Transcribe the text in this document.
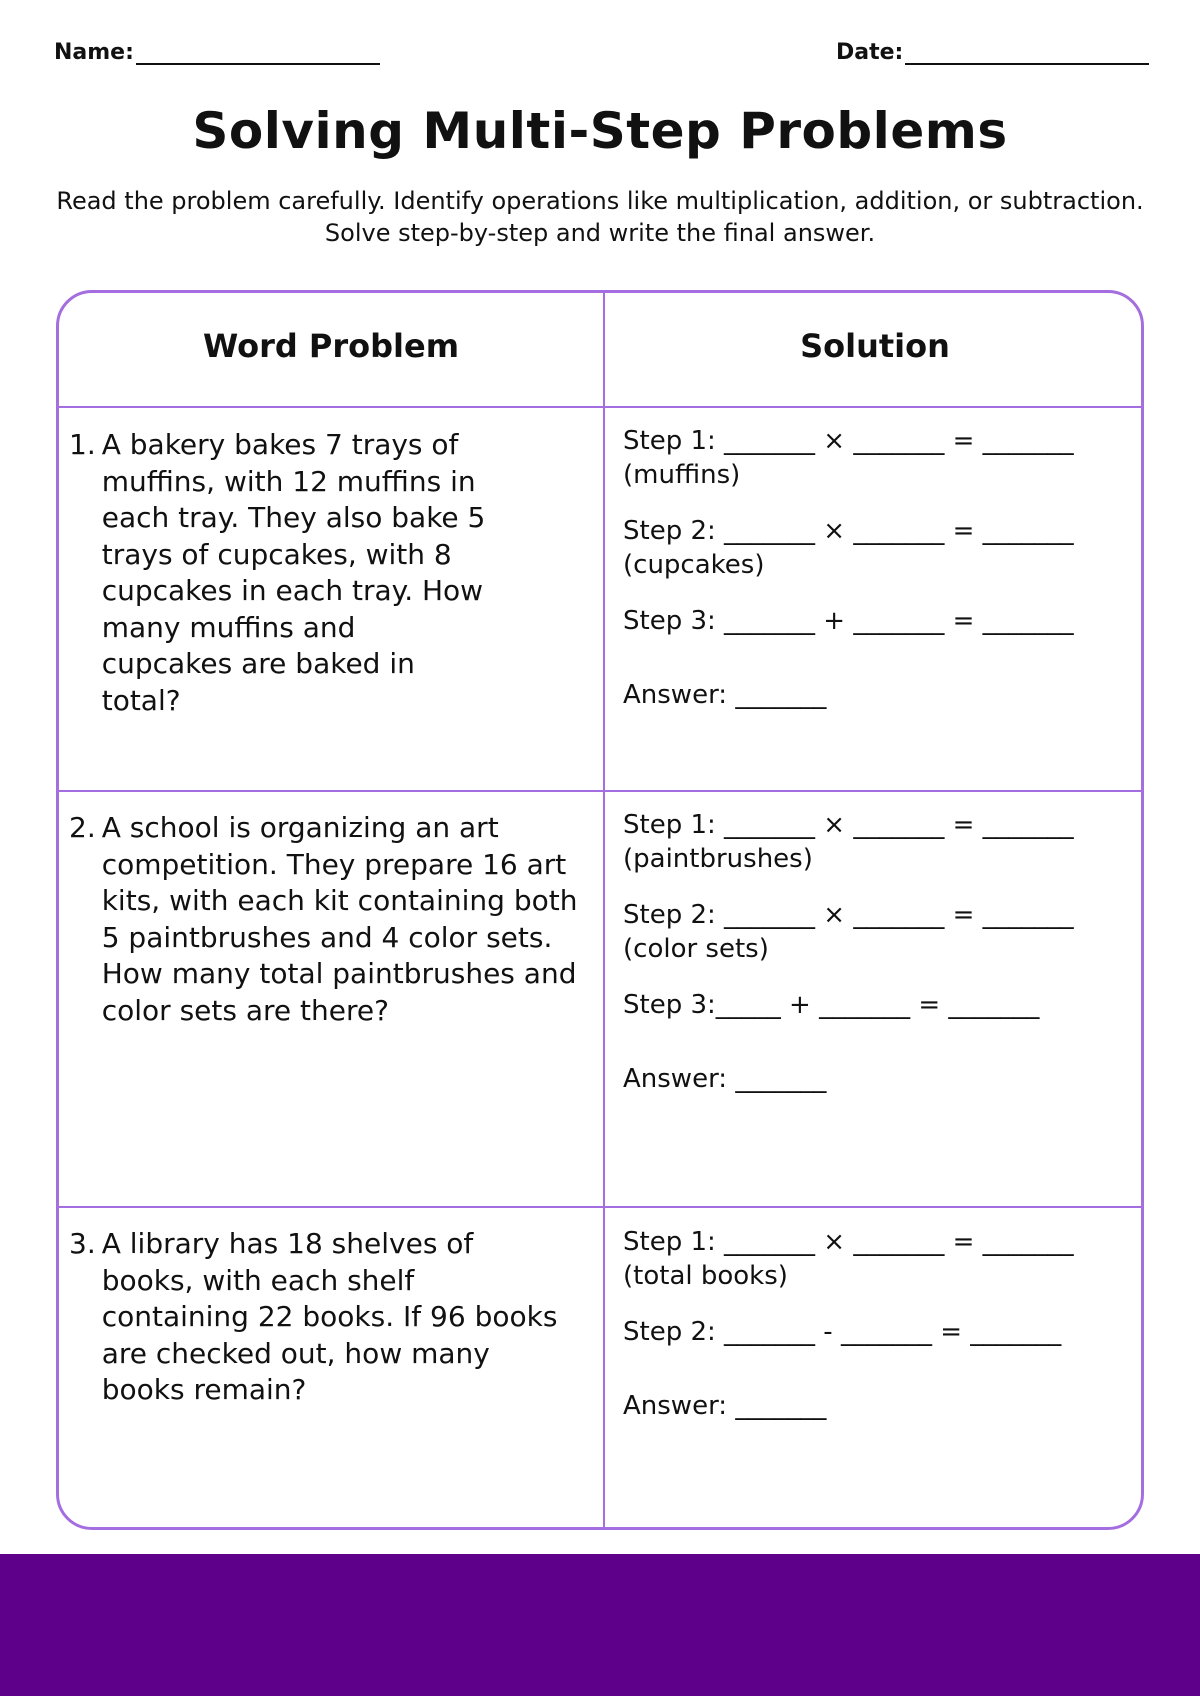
Name:	Date:
Solving Multi-Step Problems
Read the problem carefully. Identify operations like multiplication, addition, or subtraction. Solve step-by-step and write the final answer.
Word Problem	Solution
1. A bakery bakes 7 trays of muffins, with 12 muffins in each tray. They also bake 5 trays of cupcakes, with 8 cupcakes in each tray. How many muffins and cupcakes are baked in total?
Step 1: _______ × _______ = _______
(muffins)
Step 2: _______ × _______ = _______
(cupcakes)
Step 3: _______ + _______ = _______
Answer: _______
2. A school is organizing an art competition. They prepare 16 art kits, with each kit containing both 5 paintbrushes and 4 color sets. How many total paintbrushes and color sets are there?
Step 1: _______ × _______ = _______
(paintbrushes)
Step 2: _______ × _______ = _______
(color sets)
Step 3:_____ + _______ = _______
Answer: _______
3. A library has 18 shelves of books, with each shelf containing 22 books. If 96 books are checked out, how many books remain?
Step 1: _______ × _______ = _______
(total books)
Step 2: _______ - _______ = _______
Answer: _______
